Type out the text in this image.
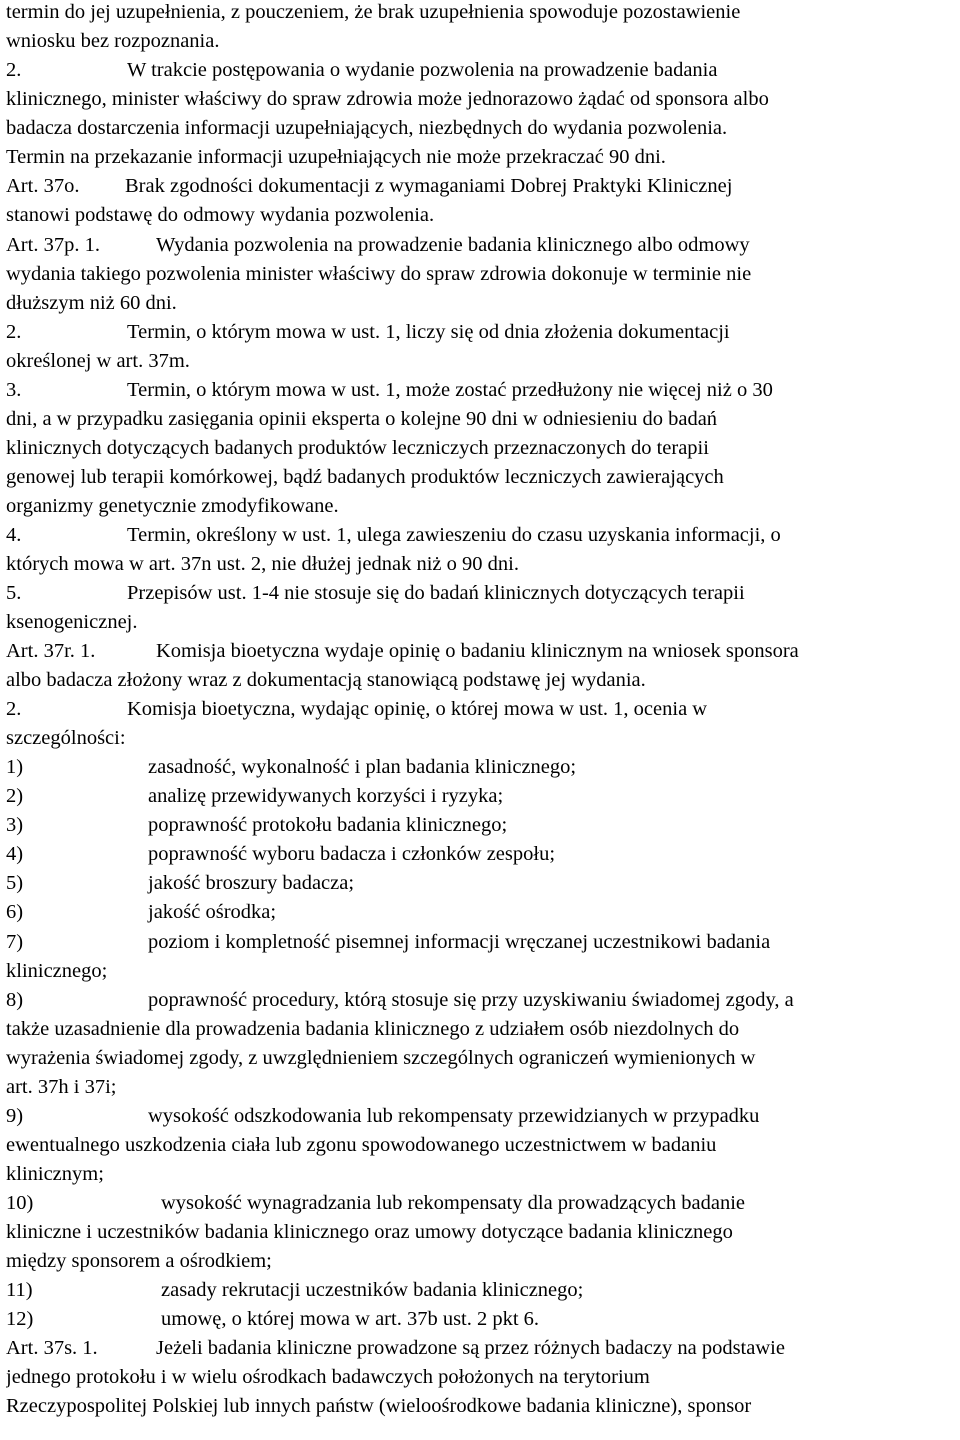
termin do jej uzupełnienia, z pouczeniem, że brak uzupełnienia spowoduje pozostawienie
wniosku bez rozpoznania.
2.	W trakcie postępowania o wydanie pozwolenia na prowadzenie badania
klinicznego, minister właściwy do spraw zdrowia może jednorazowo żądać od sponsora albo
badacza dostarczenia informacji uzupełniających, niezbędnych do wydania pozwolenia.
Termin na przekazanie informacji uzupełniających nie może przekraczać 90 dni.
Art. 37o. Brak zgodności dokumentacji z wymaganiami Dobrej Praktyki Klinicznej
stanowi podstawę do odmowy wydania pozwolenia.
Art. 37p. 1.	Wydania pozwolenia na prowadzenie badania klinicznego albo odmowy
wydania takiego pozwolenia minister właściwy do spraw zdrowia dokonuje w terminie nie
dłuższym niż 60 dni.
2.	Termin, o którym mowa w ust. 1, liczy się od dnia złożenia dokumentacji
określonej w art. 37m.
3.	Termin, o którym mowa w ust. 1, może zostać przedłużony nie więcej niż o 30
dni, a w przypadku zasięgania opinii eksperta o kolejne 90 dni w odniesieniu do badań
klinicznych dotyczących badanych produktów leczniczych przeznaczonych do terapii
genowej lub terapii komórkowej, bądź badanych produktów leczniczych zawierających
organizmy genetycznie zmodyfikowane.
4.	Termin, określony w ust. 1, ulega zawieszeniu do czasu uzyskania informacji, o
których mowa w art. 37n ust. 2, nie dłużej jednak niż o 90 dni.
5.	Przepisów ust. 1-4 nie stosuje się do badań klinicznych dotyczących terapii
ksenogenicznej.
Art. 37r. 1.	Komisja bioetyczna wydaje opinię o badaniu klinicznym na wniosek sponsora
albo badacza złożony wraz z dokumentacją stanowiącą podstawę jej wydania.
2.	Komisja bioetyczna, wydając opinię, o której mowa w ust. 1, ocenia w
szczególności:
1)	zasadność, wykonalność i plan badania klinicznego;
2)	analizę przewidywanych korzyści i ryzyka;
3)	poprawność protokołu badania klinicznego;
4)	poprawność wyboru badacza i członków zespołu;
5)	jakość broszury badacza;
6)	jakość ośrodka;
7)	poziom i kompletność pisemnej informacji wręczanej uczestnikowi badania
klinicznego;
8)	poprawność procedury, którą stosuje się przy uzyskiwaniu świadomej zgody, a
także uzasadnienie dla prowadzenia badania klinicznego z udziałem osób niezdolnych do
wyrażenia świadomej zgody, z uwzględnieniem szczególnych ograniczeń wymienionych w
art. 37h i 37i;
9)	wysokość odszkodowania lub rekompensaty przewidzianych w przypadku
ewentualnego uszkodzenia ciała lub zgonu spowodowanego uczestnictwem w badaniu
klinicznym;
10)	wysokość wynagradzania lub rekompensaty dla prowadzących badanie
kliniczne i uczestników badania klinicznego oraz umowy dotyczące badania klinicznego
między sponsorem a ośrodkiem;
11)	zasady rekrutacji uczestników badania klinicznego;
12)	umowę, o której mowa w art. 37b ust. 2 pkt 6.
Art. 37s. 1.	Jeżeli badania kliniczne prowadzone są przez różnych badaczy na podstawie
jednego protokołu i w wielu ośrodkach badawczych położonych na terytorium
Rzeczypospolitej Polskiej lub innych państw (wieloośrodkowe badania kliniczne), sponsor
